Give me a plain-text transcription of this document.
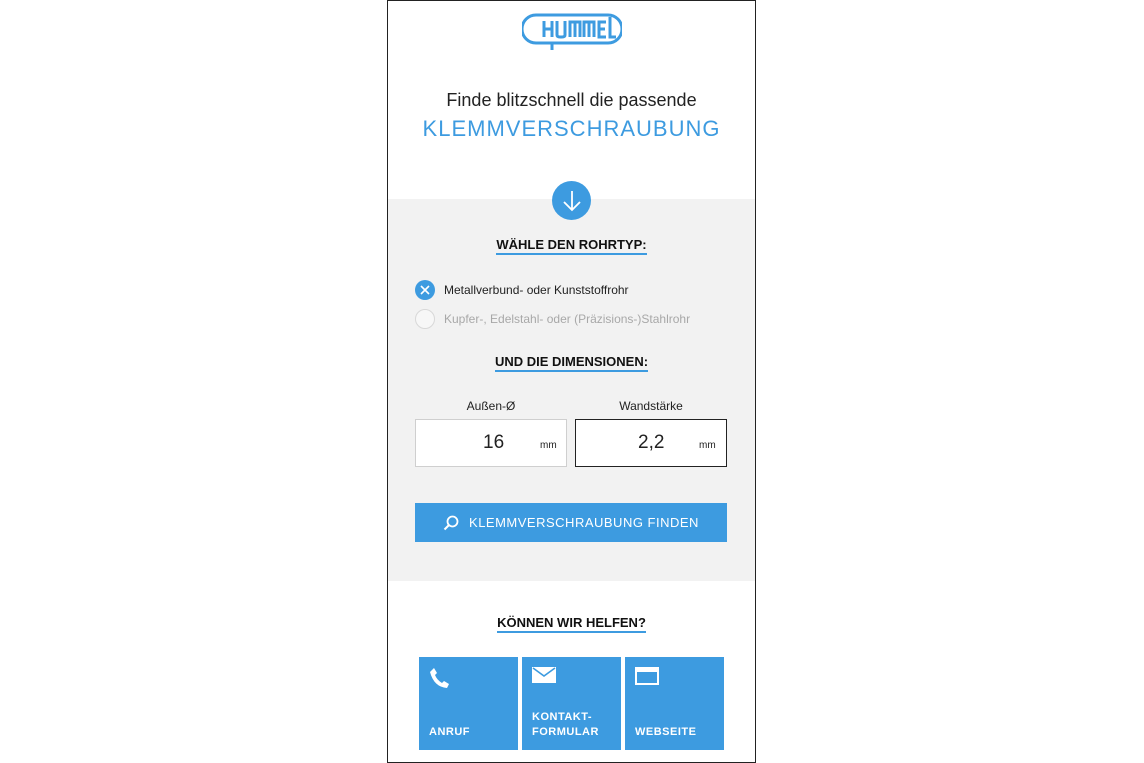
Finde blitzschnell die passende
KLEMMVERSCHRAUBUNG
WÄHLE DEN ROHRTYP:
Metallverbund- oder Kunststoffrohr
Kupfer-, Edelstahl- oder (Präzisions-)Stahlrohr
UND DIE DIMENSIONEN:
Außen-Ø	Wandstärke
16	mm	2,2	mm
KLEMMVERSCHRAUBUNG FINDEN
KÖNNEN WIR HELFEN?
ANRUF
KONTAKT-
FORMULAR	WEBSEITE
